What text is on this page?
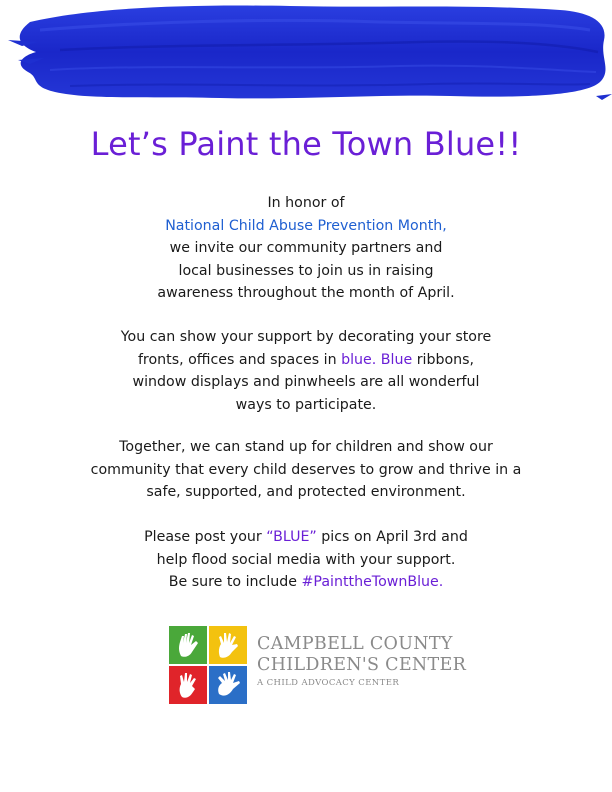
Let’s Paint the Town Blue!!
In honor of
National Child Abuse Prevention Month,
we invite our community partners and
local businesses to join us in raising
awareness throughout the month of April.
You can show your support by decorating your store
fronts, offices and spaces in blue. Blue ribbons,
window displays and pinwheels are all wonderful
ways to participate.
Together, we can stand up for children and show our
community that every child deserves to grow and thrive in a
safe, supported, and protected environment.
Please post your “BLUE” pics on April 3rd and
help flood social media with your support.
Be sure to include #PainttheTownBlue.
CAMPBELL COUNTY
CHILDREN'S CENTER
A CHILD ADVOCACY CENTER
